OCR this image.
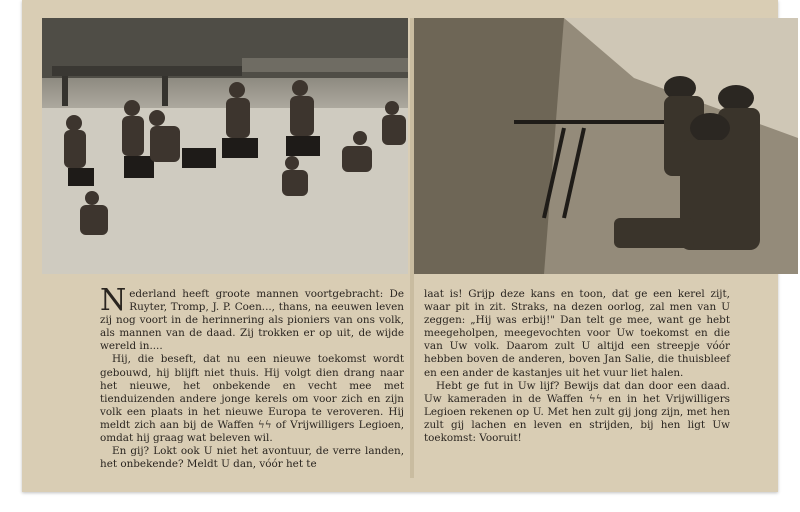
Nederland heeft groote mannen voortgebracht: De Ruyter, Tromp, J. P. Coen..., thans, na eeuwen leven zij nog voort in de herinnering als pioniers van ons volk, als mannen van de daad. Zij trokken er op uit, de wijde wereld in....

Hij, die beseft, dat nu een nieuwe toekomst wordt gebouwd, hij blijft niet thuis. Hij volgt dien drang naar het nieuwe, het onbekende en vecht mee met tienduizenden andere jonge kerels om voor zich en zijn volk een plaats in het nieuwe Europa te veroveren. Hij meldt zich aan bij de Waffen ϟϟ of Vrijwilligers Legioen, omdat hij graag wat beleven wil.

En gij? Lokt ook U niet het avontuur, de verre landen, het onbekende? Meldt U dan, vóór het te

laat is! Grijp deze kans en toon, dat ge een kerel zijt, waar pit in zit. Straks, na dezen oorlog, zal men van U zeggen: „Hij was erbij!" Dan telt ge mee, want ge hebt meegeholpen, meegevochten voor Uw toekomst en die van Uw volk. Daarom zult U altijd een streepje vóór hebben boven de anderen, boven Jan Salie, die thuisbleef en een ander de kastanjes uit het vuur liet halen.

Hebt ge fut in Uw lijf? Bewijs dat dan door een daad. Uw kameraden in de Waffen ϟϟ en in het Vrijwilligers Legioen rekenen op U. Met hen zult gij jong zijn, met hen zult gij lachen en leven en strijden, bij hen ligt Uw toekomst: Vooruit!
